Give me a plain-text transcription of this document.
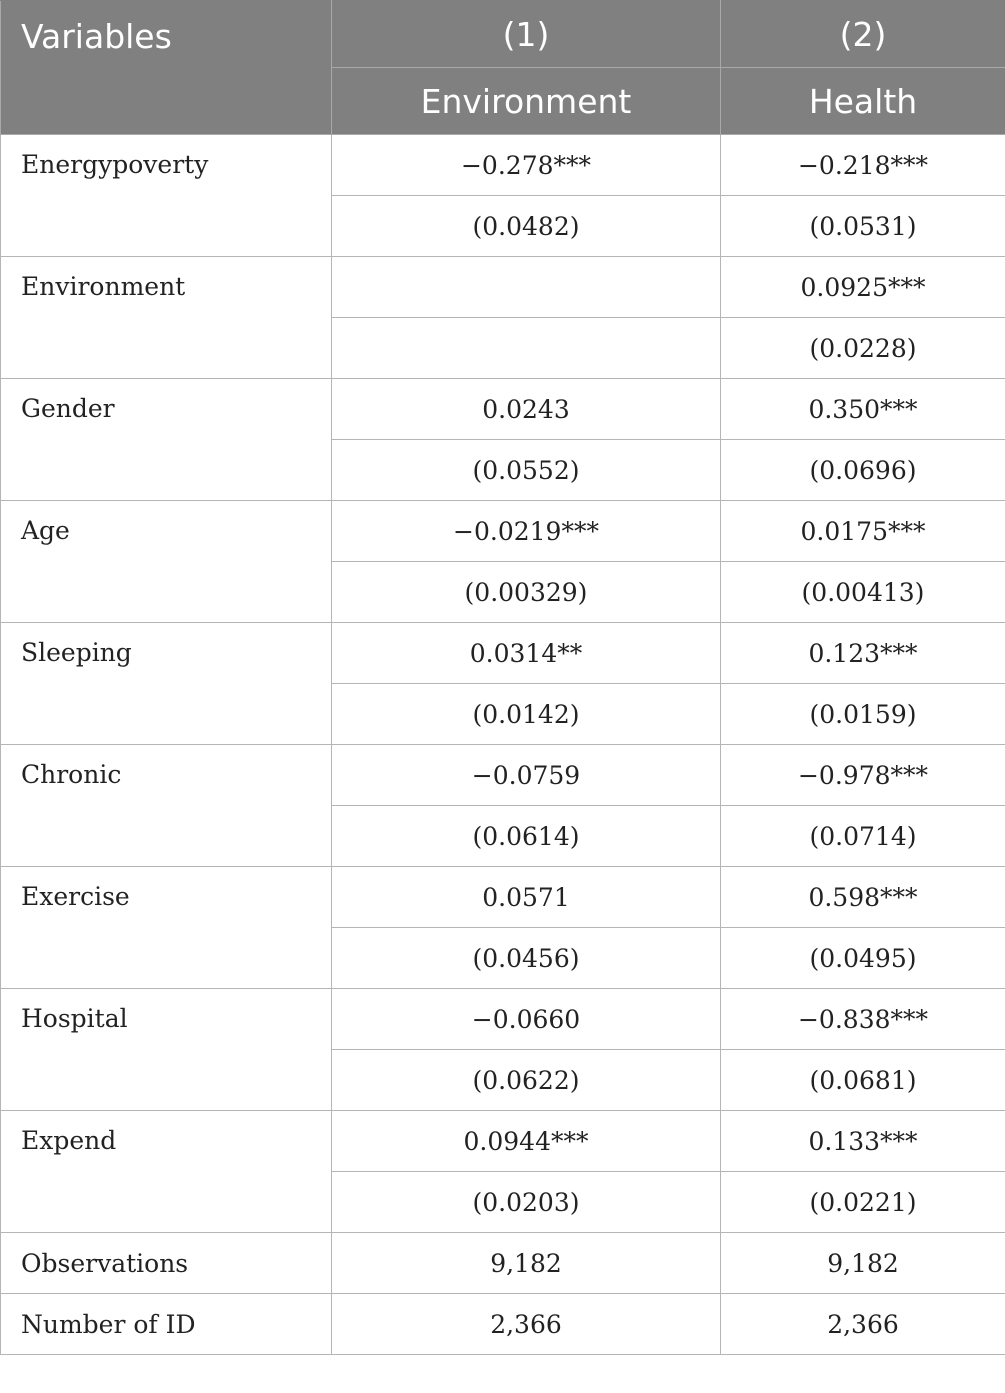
Variables	(1)	(2)
	Environment	Health
Energypoverty	−0.278***	−0.218***
	(0.0482)	(0.0531)
Environment		0.0925***
		(0.0228)
Gender	0.0243	0.350***
	(0.0552)	(0.0696)
Age	−0.0219***	0.0175***
	(0.00329)	(0.00413)
Sleeping	0.0314**	0.123***
	(0.0142)	(0.0159)
Chronic	−0.0759	−0.978***
	(0.0614)	(0.0714)
Exercise	0.0571	0.598***
	(0.0456)	(0.0495)
Hospital	−0.0660	−0.838***
	(0.0622)	(0.0681)
Expend	0.0944***	0.133***
	(0.0203)	(0.0221)
Observations	9,182	9,182
Number of ID	2,366	2,366
